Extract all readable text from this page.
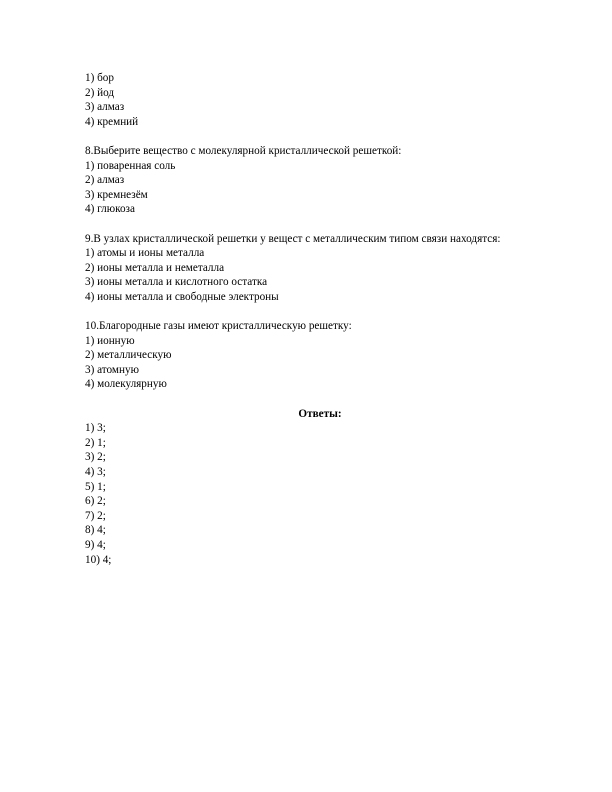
1) бор
2) йод
3) алмаз
4) кремний
8.Выберите вещество с молекулярной кристаллической решеткой:
1) поваренная соль
2) алмаз
3) кремнезём
4) глюкоза
9.В узлах кристаллической решетки у вещест с металлическим типом связи находятся:
1) атомы и ионы металла
2) ионы металла и неметалла
3) ионы металла и кислотного остатка
4) ионы металла и свободные электроны
10.Благородные газы имеют кристаллическую решетку:
1) ионную
2) металлическую
3) атомную
4) молекулярную
Ответы:
1) 3;
2) 1;
3) 2;
4) 3;
5) 1;
6) 2;
7) 2;
8) 4;
9) 4;
10) 4;
